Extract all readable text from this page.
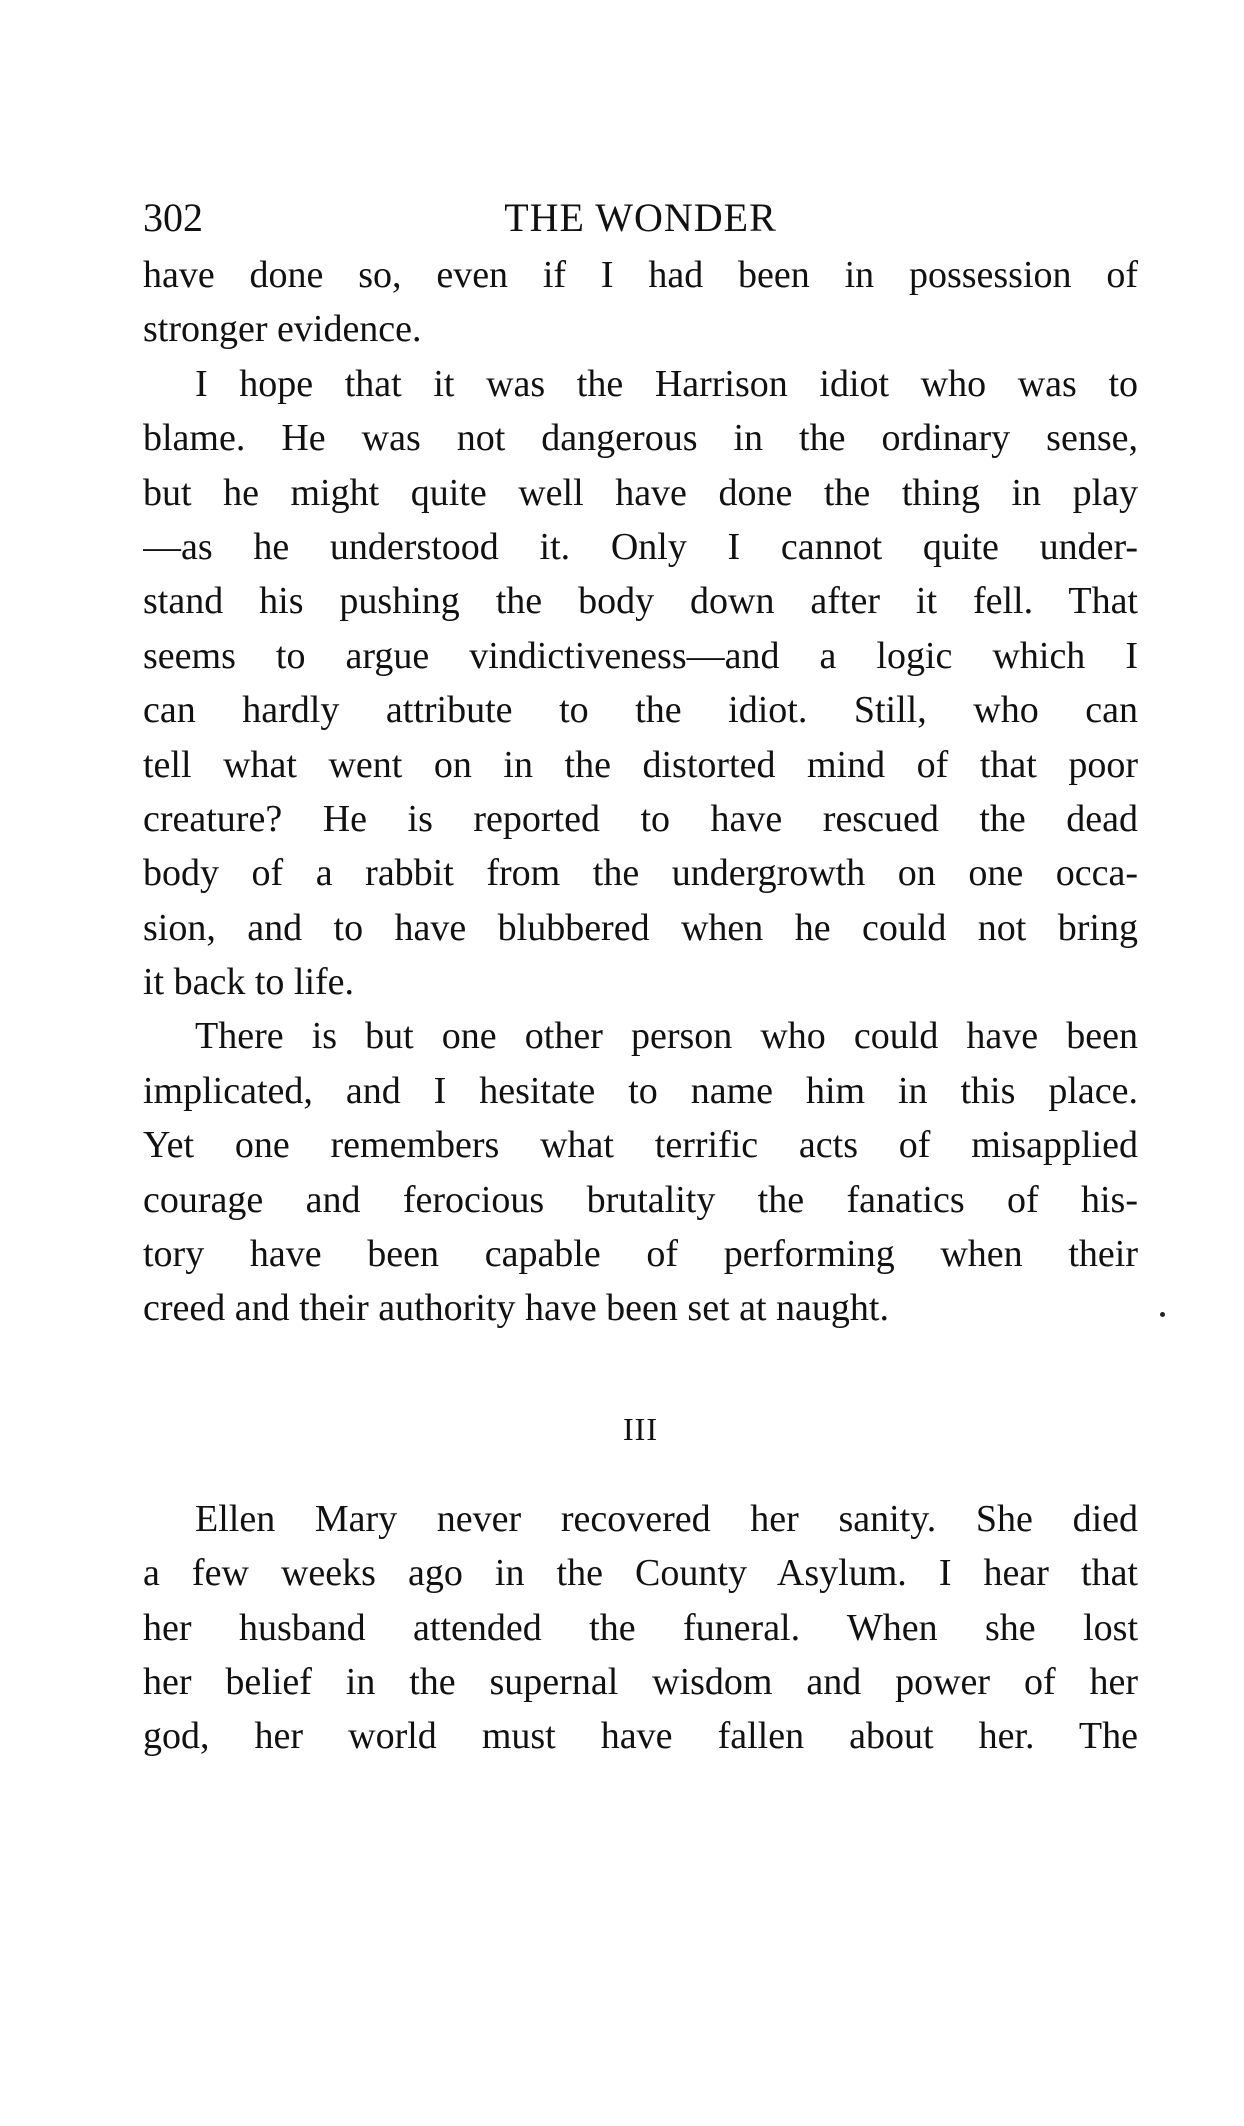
302	THE WONDER

have done so, even if I had been in possession of
stronger evidence.

I hope that it was the Harrison idiot who was to
blame. He was not dangerous in the ordinary sense,
but he might quite well have done the thing in play
—as he understood it. Only I cannot quite under-
stand his pushing the body down after it fell. That
seems to argue vindictiveness—and a logic which I
can hardly attribute to the idiot. Still, who can
tell what went on in the distorted mind of that poor
creature? He is reported to have rescued the dead
body of a rabbit from the undergrowth on one occa-
sion, and to have blubbered when he could not bring
it back to life.

There is but one other person who could have been
implicated, and I hesitate to name him in this place.
Yet one remembers what terrific acts of misapplied
courage and ferocious brutality the fanatics of his-
tory have been capable of performing when their
creed and their authority have been set at naught.

III

Ellen Mary never recovered her sanity. She died
a few weeks ago in the County Asylum. I hear that
her husband attended the funeral. When she lost
her belief in the supernal wisdom and power of her
god, her world must have fallen about her. The
